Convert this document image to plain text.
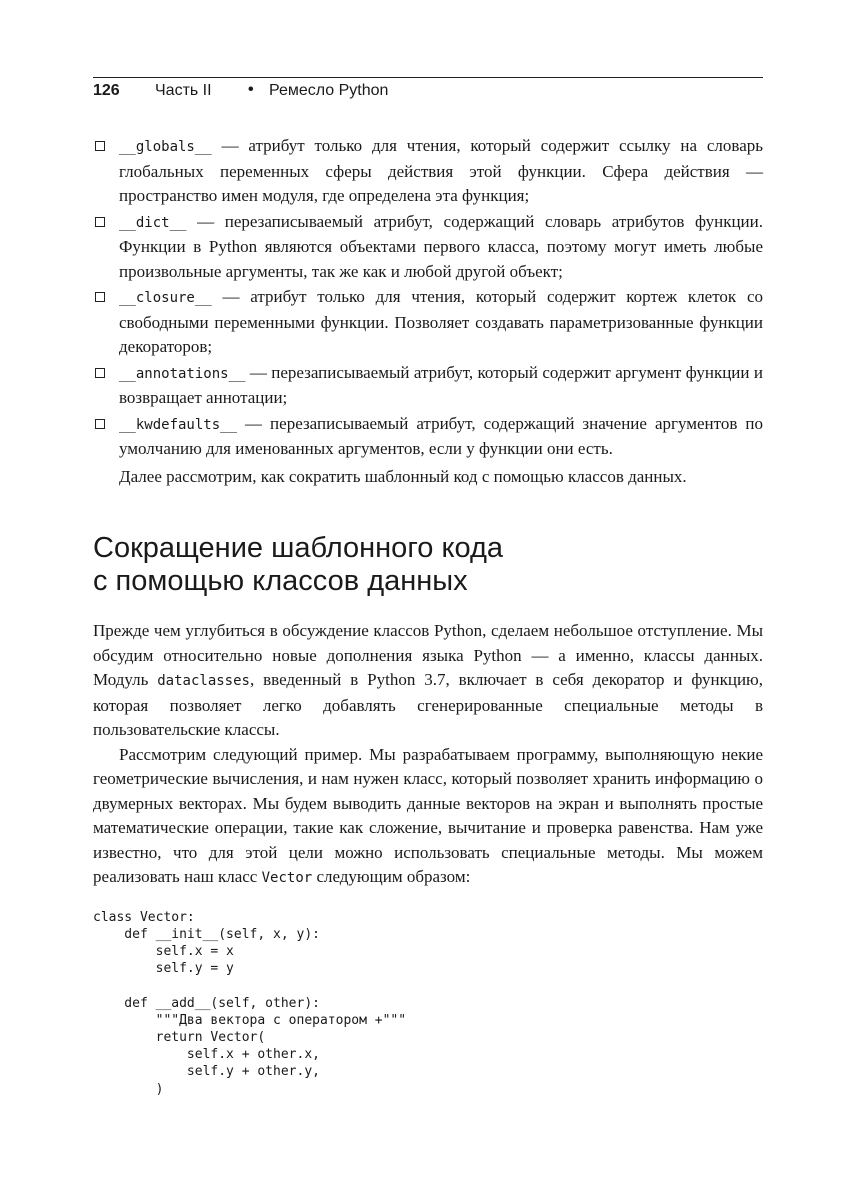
126 Часть II • Ремесло Python

__globals__ — атрибут только для чтения, который содержит ссылку на словарь глобальных переменных сферы действия этой функции. Сфера действия — пространство имен модуля, где определена эта функция;

__dict__ — перезаписываемый атрибут, содержащий словарь атрибутов функции. Функции в Python являются объектами первого класса, поэтому могут иметь любые произвольные аргументы, так же как и любой другой объект;

__closure__ — атрибут только для чтения, который содержит кортеж клеток со свободными переменными функции. Позволяет создавать параметризованные функции декораторов;

__annotations__ — перезаписываемый атрибут, который содержит аргумент функции и возвращает аннотации;

__kwdefaults__ — перезаписываемый атрибут, содержащий значение аргументов по умолчанию для именованных аргументов, если у функции они есть.

Далее рассмотрим, как сократить шаблонный код с помощью классов данных.

Сокращение шаблонного кода
с помощью классов данных

Прежде чем углубиться в обсуждение классов Python, сделаем небольшое отступление. Мы обсудим относительно новые дополнения языка Python — а именно, классы данных. Модуль dataclasses, введенный в Python 3.7, включает в себя декоратор и функцию, которая позволяет легко добавлять сгенерированные специальные методы в пользовательские классы.

Рассмотрим следующий пример. Мы разрабатываем программу, выполняющую некие геометрические вычисления, и нам нужен класс, который позволяет хранить информацию о двумерных векторах. Мы будем выводить данные векторов на экран и выполнять простые математические операции, такие как сложение, вычитание и проверка равенства. Нам уже известно, что для этой цели можно использовать специальные методы. Мы можем реализовать наш класс Vector следующим образом:

class Vector:
def __init__(self, x, y):
self.x = x
self.y = y

def __add__(self, other):
"""Два вектора с оператором +"""
return Vector(
self.x + other.x,
self.y + other.y,
)
